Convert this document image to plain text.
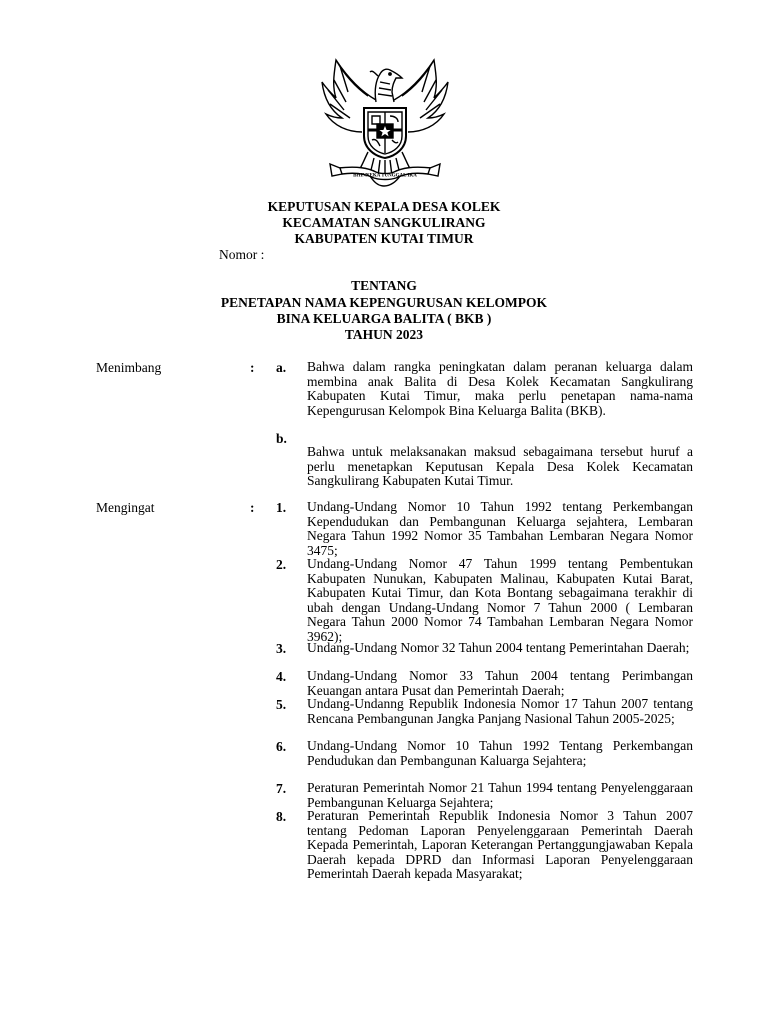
BHINNEKA TUNGGAL IKA
KEPUTUSAN KEPALA DESA KOLEK
KECAMATAN SANGKULIRANG
KABUPATEN KUTAI TIMUR
Nomor :
TENTANG
PENETAPAN NAMA KEPENGURUSAN KELOMPOK
BINA KELUARGA BALITA ( BKB )
TAHUN 2023
Menimbang	: a. Bahwa dalam rangka peningkatan dalam peranan keluarga dalam membina anak Balita di Desa Kolek Kecamatan Sangkulirang Kabupaten Kutai Timur, maka perlu penetapan nama-nama Kepengurusan Kelompok Bina Keluarga Balita (BKB).
b.
Bahwa untuk melaksanakan maksud sebagaimana tersebut huruf a perlu menetapkan Keputusan Kepala Desa Kolek Kecamatan Sangkulirang Kabupaten Kutai Timur.
Mengingat	: 1. Undang-Undang Nomor 10 Tahun 1992 tentang Perkembangan Kependudukan dan Pembangunan Keluarga sejahtera, Lembaran Negara Tahun 1992 Nomor 35 Tambahan Lembaran Negara Nomor 3475;
2. Undang-Undang Nomor 47 Tahun 1999 tentang Pembentukan Kabupaten Nunukan, Kabupaten Malinau, Kabupaten Kutai Barat, Kabupaten Kutai Timur, dan Kota Bontang sebagaimana terakhir di ubah dengan Undang-Undang Nomor 7 Tahun 2000 ( Lembaran Negara Tahun 2000 Nomor 74 Tambahan Lembaran Negara Nomor 3962);
3. Undang-Undang Nomor 32 Tahun 2004 tentang Pemerintahan Daerah;
4. Undang-Undang Nomor 33 Tahun 2004 tentang Perimbangan Keuangan antara Pusat dan Pemerintah Daerah;
5. Undang-Undanng Republik Indonesia Nomor 17 Tahun 2007 tentang Rencana Pembangunan Jangka Panjang Nasional Tahun 2005-2025;
6. Undang-Undang Nomor 10 Tahun 1992 Tentang Perkembangan Pendudukan dan Pembangunan Kaluarga Sejahtera;
7. Peraturan Pemerintah Nomor 21 Tahun 1994 tentang Penyelenggaraan Pembangunan Keluarga Sejahtera;
8. Peraturan Pemerintah Republik Indonesia Nomor 3 Tahun 2007 tentang Pedoman Laporan Penyelenggaraan Pemerintah Daerah Kepada Pemerintah, Laporan Keterangan Pertanggungjawaban Kepala Daerah kepada DPRD dan Informasi Laporan Penyelenggaraan Pemerintah Daerah kepada Masyarakat;
